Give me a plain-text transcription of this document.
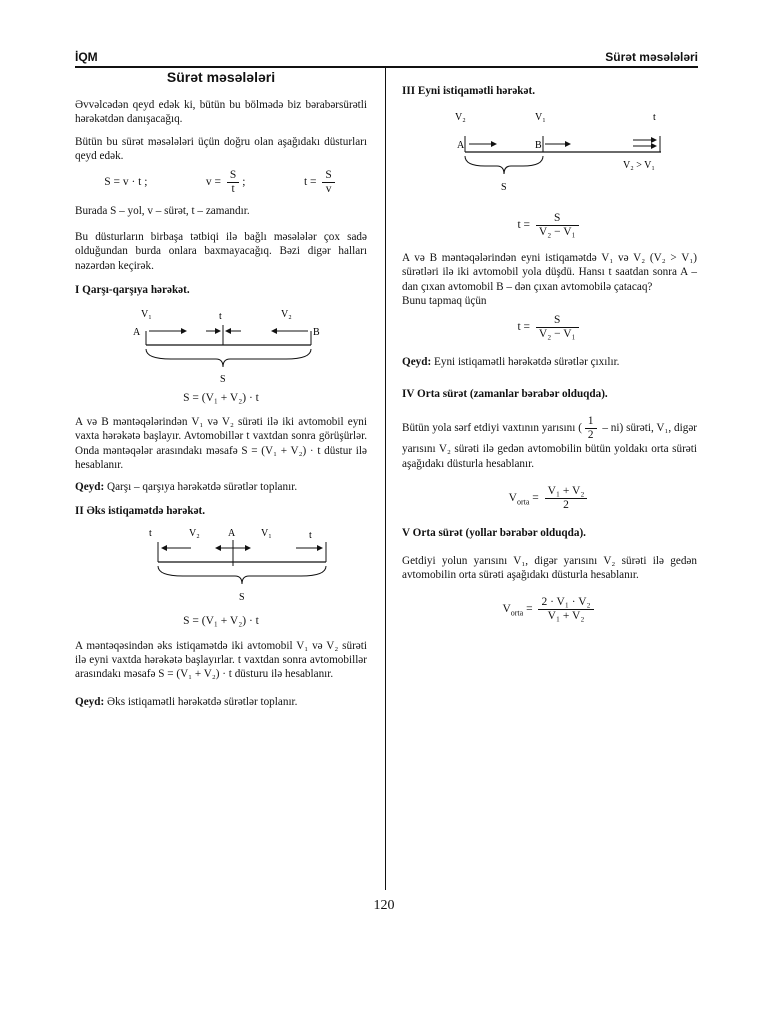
İQM	Sürət məsələləri
Sürət məsələləri

Əvvəlcədən qeyd edək ki, bütün bu bölmədə biz bərabərsürətli hərəkətdən danışacağıq.

Bütün bu sürət məsələləri üçün doğru olan aşağıdakı düsturları qeyd edək.

S = v · t ;	$v = \frac{S}{t}$ ;	$t = \frac{S}{v}$

Burada S – yol, v – sürət, t – zamandır.

Bu düsturların birbaşa tətbiqi ilə bağlı məsələlər çox sadə olduğundan burda onlara baxmayacağıq. Bəzi digər halları nəzərdən keçirək.

I Qarşı-qarşıya hərəkət.
V₁	t	V₂
A	B
S
S = (V₁ + V₂) · t

A və B məntəqələrindən V₁ və V₂ sürəti ilə iki avtomobil eyni vaxta hərəkətə başlayır. Avtomobillər t vaxtdan sonra görüşürlər. Onda məntəqələr arasındakı məsafə S = (V₁ + V₂) · t düstur ilə hesablanır.

Qeyd: Qarşı – qarşıya hərəkətdə sürətlər toplanır.

II Əks istiqamətdə hərəkət.
t	V₂	A	V₁	t
S
S = (V₁ + V₂) · t

A məntəqəsindən əks istiqamətdə iki avtomobil V₁ və V₂ sürəti ilə eyni vaxtda hərəkətə başlayırlar. t vaxtdan sonra avtomobillər arasındakı məsafə S = (V₁ + V₂) · t düsturu ilə hesablanır.

Qeyd: Əks istiqamətli hərəkətdə sürətlər toplanır.

III Eyni istiqamətli hərəkət.
V₂	V₁	t
A	B
V₂ > V₁
S
$t = \frac{S}{\text{V₂ − V₁}}$

A və B məntəqələrindən eyni istiqamətdə V₁ və V₂ (V₂ > V₁) sürətləri ilə iki avtomobil yola düşdü. Hansı t saatdan sonra A – dan çıxan avtomobil B – dən çıxan avtomobilə çatacaq?

Bunu tapmaq üçün

$t = \frac{S}{\text{V₂ − V₁}}$

Qeyd: Eyni istiqamətli hərəkətdə sürətlər çıxılır.

IV Orta sürət (zamanlar bərabər olduqda).

Bütün yola sərf etdiyi vaxtının yarısını ( $\frac{1}{2} - ni$) sürəti, V₁, digər yarısını V₂ sürəti ilə gedən avtomobilin bütün yoldakı orta sürəti aşağıdakı düsturla hesablanır.

$V_{orta} = \frac{\text{V₁ + V₂}}{2}$
V Orta sürət (yollar bərabər olduqda).

Getdiyi yolun yarısını V₁, digər yarısını V₂ sürəti ilə gedən avtomobilin orta sürəti aşağıdakı düsturla hesablanır.

$V_{orta} = \frac{\text{2 · V₁ · V₂}}{\text{V₁ + V₂}}$
120
